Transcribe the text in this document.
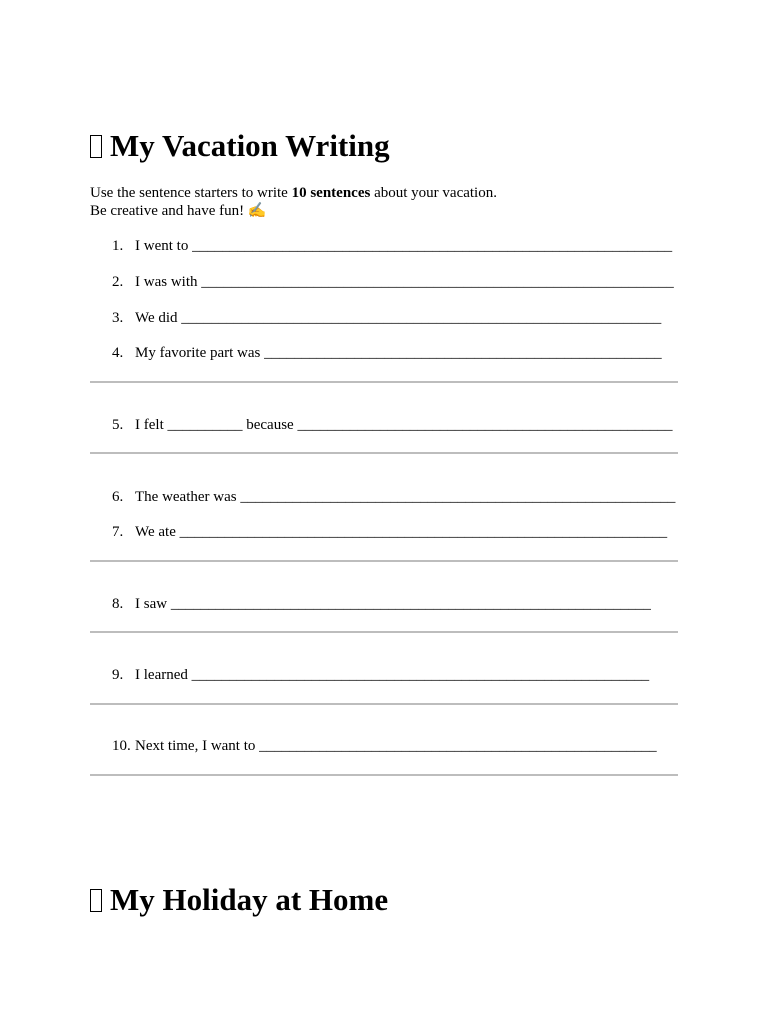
My Vacation Writing
Use the sentence starters to write 10 sentences about your vacation.
Be creative and have fun! ✍
1. I went to ________________________________________________________________
2. I was with _______________________________________________________________
3. We did ________________________________________________________________
4. My favorite part was _____________________________________________________
5. I felt __________ because __________________________________________________
6. The weather was __________________________________________________________
7. We ate _________________________________________________________________
8. I saw ________________________________________________________________
9. I learned _____________________________________________________________
10. Next time, I want to _____________________________________________________
My Holiday at Home
